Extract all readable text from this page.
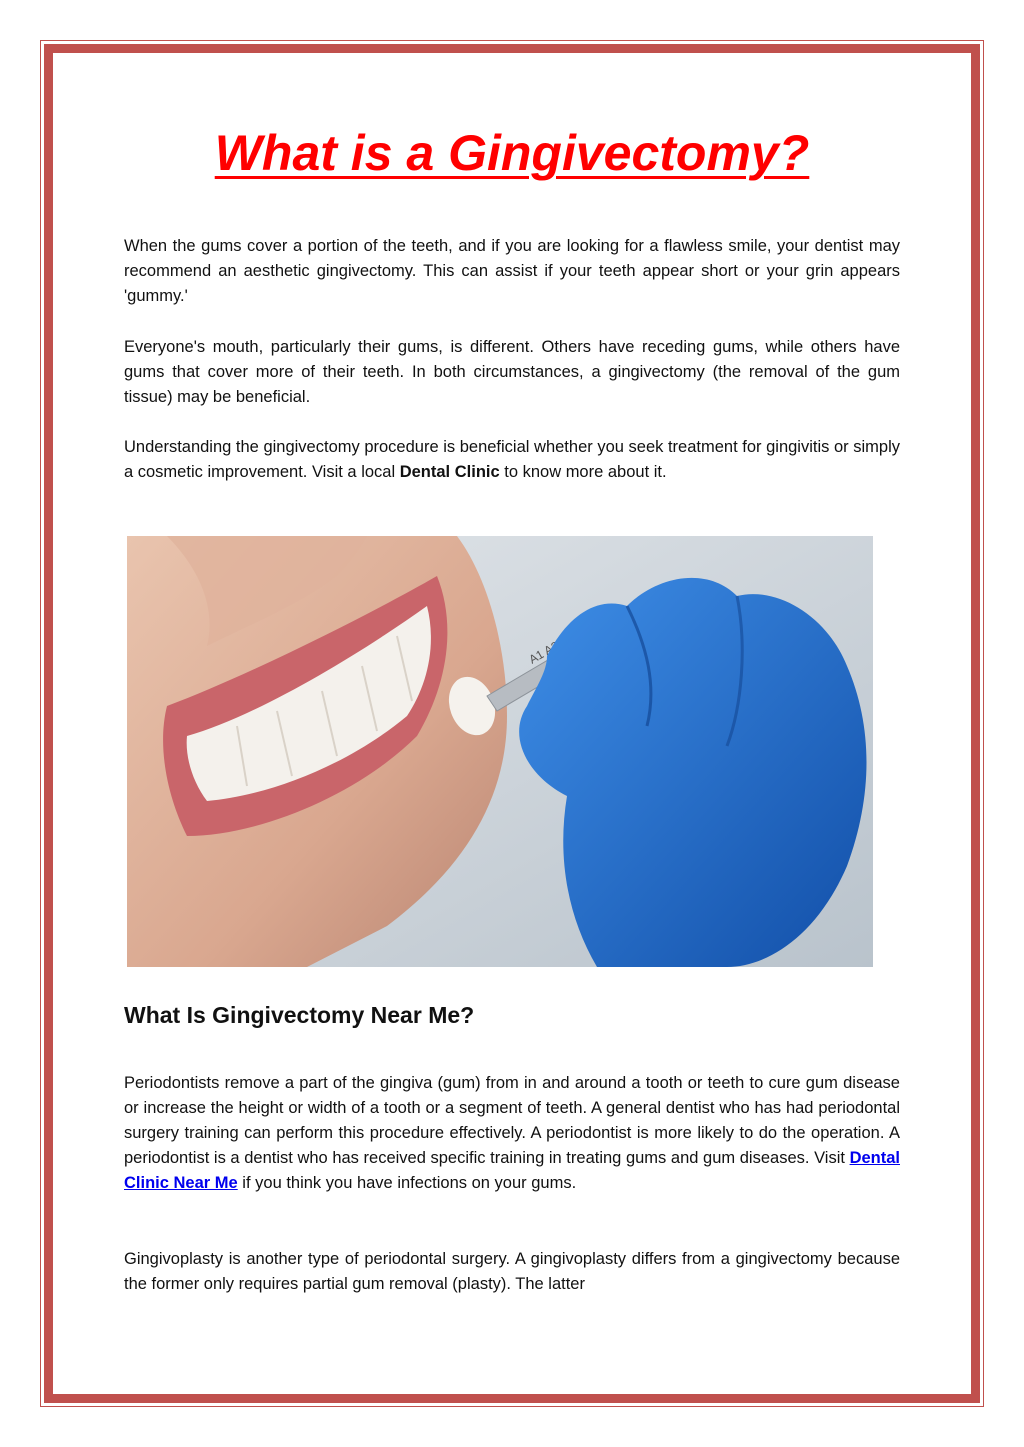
What is a Gingivectomy?

When the gums cover a portion of the teeth, and if you are looking for a flawless smile, your dentist may recommend an aesthetic gingivectomy. This can assist if your teeth appear short or your grin appears 'gummy.'

Everyone's mouth, particularly their gums, is different. Others have receding gums, while others have gums that cover more of their teeth. In both circumstances, a gingivectomy (the removal of the gum tissue) may be beneficial.

Understanding the gingivectomy procedure is beneficial whether you seek treatment for gingivitis or simply a cosmetic improvement. Visit a local Dental Clinic to know more about it.

What Is Gingivectomy Near Me?

Periodontists remove a part of the gingiva (gum) from in and around a tooth or teeth to cure gum disease or increase the height or width of a tooth or a segment of teeth. A general dentist who has had periodontal surgery training can perform this procedure effectively. A periodontist is more likely to do the operation. A periodontist is a dentist who has received specific training in treating gums and gum diseases. Visit Dental Clinic Near Me if you think you have infections on your gums.

Gingivoplasty is another type of periodontal surgery. A gingivoplasty differs from a gingivectomy because the former only requires partial gum removal (plasty). The latter
